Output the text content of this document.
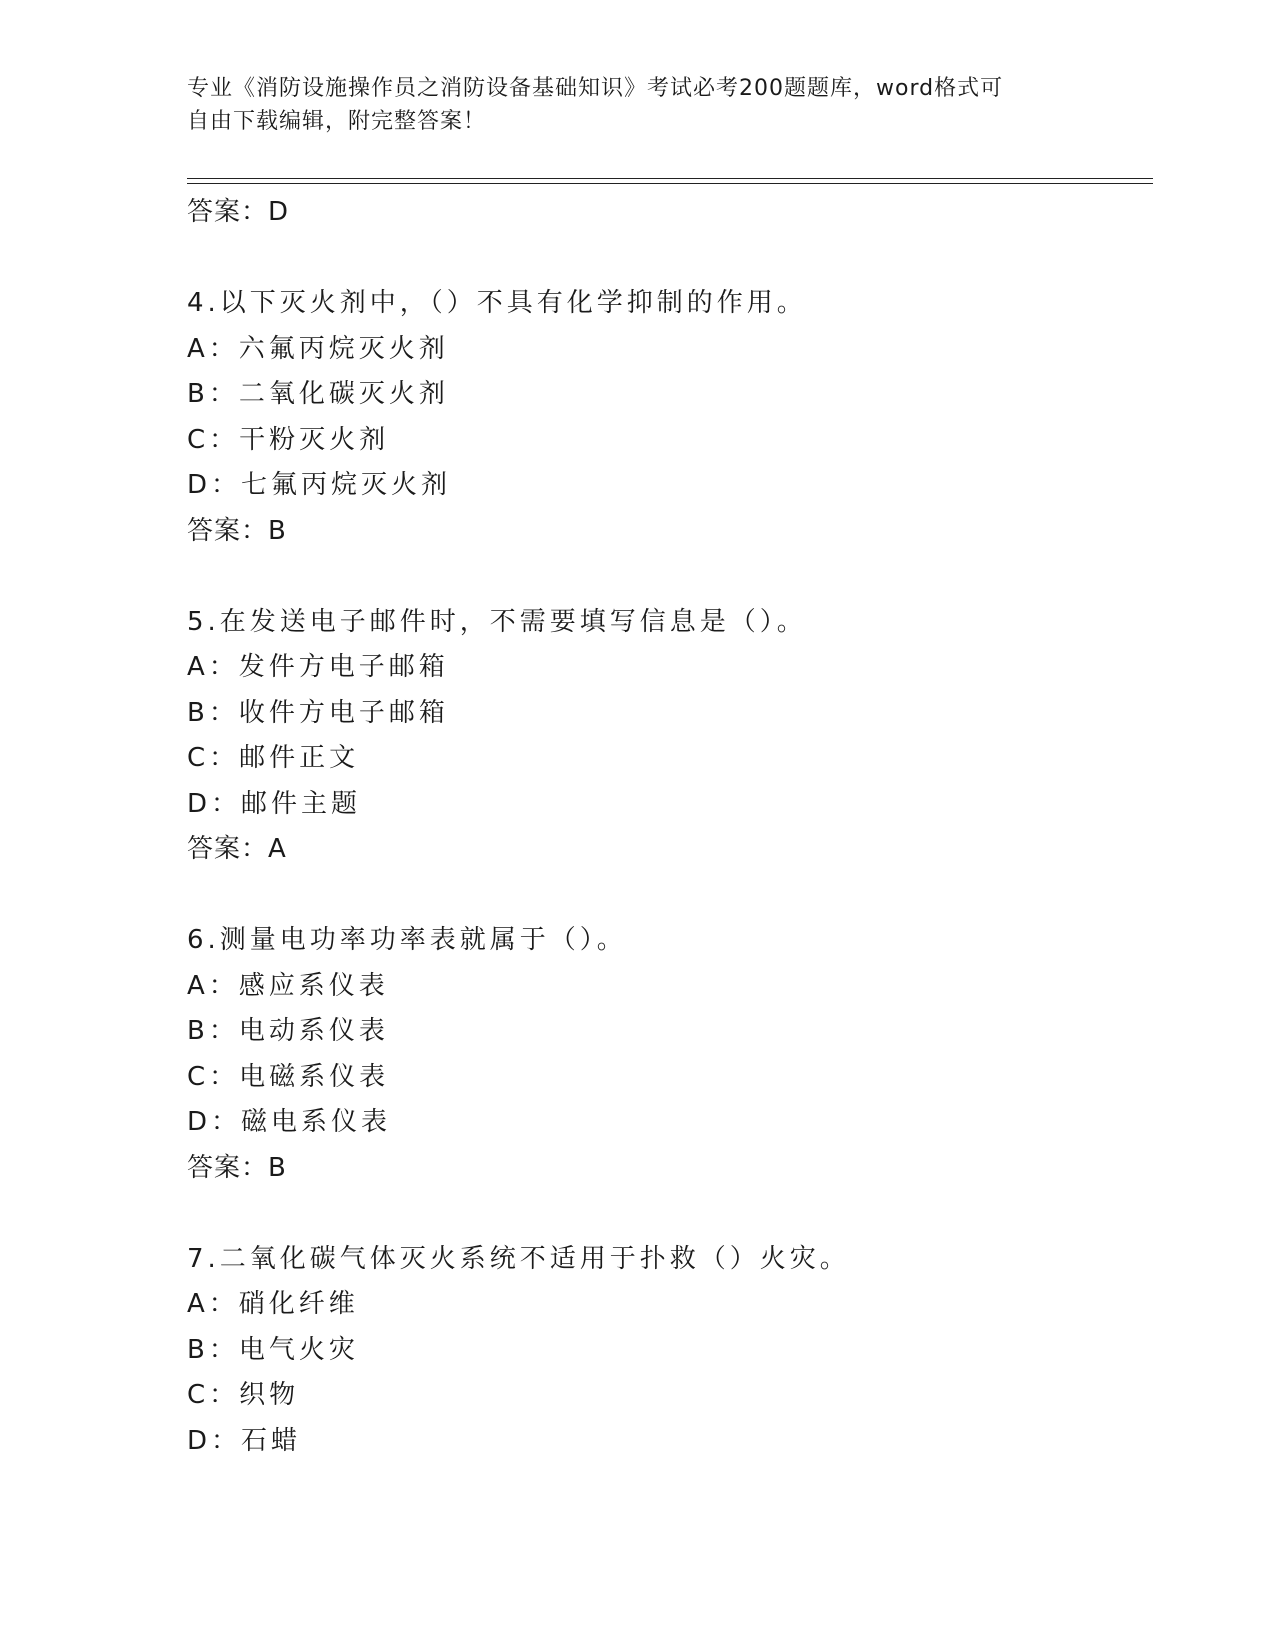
专业《消防设施操作员之消防设备基础知识》考试必考200题题库，word格式可

自由下载编辑，附完整答案！

答案：D
4.以下灭火剂中，（）不具有化学抑制的作用。
A：六氟丙烷灭火剂
B：二氧化碳灭火剂
C：干粉灭火剂
D：七氟丙烷灭火剂
答案：B
5.在发送电子邮件时，不需要填写信息是（）。
A：发件方电子邮箱
B：收件方电子邮箱
C：邮件正文
D：邮件主题
答案：A
6.测量电功率功率表就属于（）。
A：感应系仪表
B：电动系仪表
C：电磁系仪表
D：磁电系仪表
答案：B
7.二氧化碳气体灭火系统不适用于扑救（）火灾。
A：硝化纤维
B：电气火灾
C：织物
D：石蜡
